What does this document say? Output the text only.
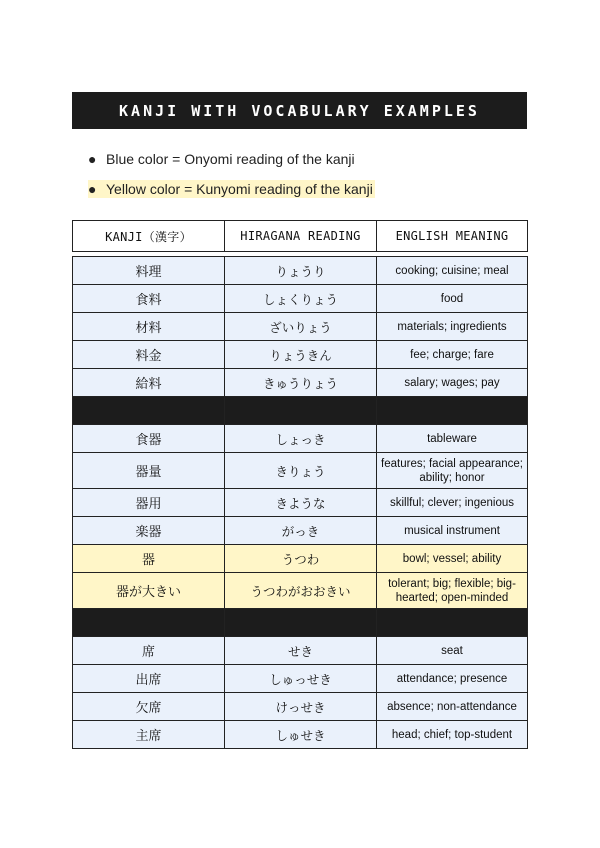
KANJI WITH VOCABULARY EXAMPLES
● Blue color = Onyomi reading of the kanji
● Yellow color = Kunyomi reading of the kanji
KANJI（漢字）	HIRAGANA READING	ENGLISH MEANING

料理	りょうり	cooking; cuisine; meal
食料	しょくりょう	food
材料	ざいりょう	materials; ingredients
料金	りょうきん	fee; charge; fare
給料	きゅうりょう	salary; wages; pay

食器	しょっき	tableware
器量	きりょう	features; facial appearance; ability; honor
器用	きような	skillful; clever; ingenious
楽器	がっき	musical instrument
器	うつわ	bowl; vessel; ability
器が大きい	うつわがおおきい	tolerant; big; flexible; big-hearted; open-minded

席	せき	seat
出席	しゅっせき	attendance; presence
欠席	けっせき	absence; non-attendance
主席	しゅせき	head; chief; top-student
